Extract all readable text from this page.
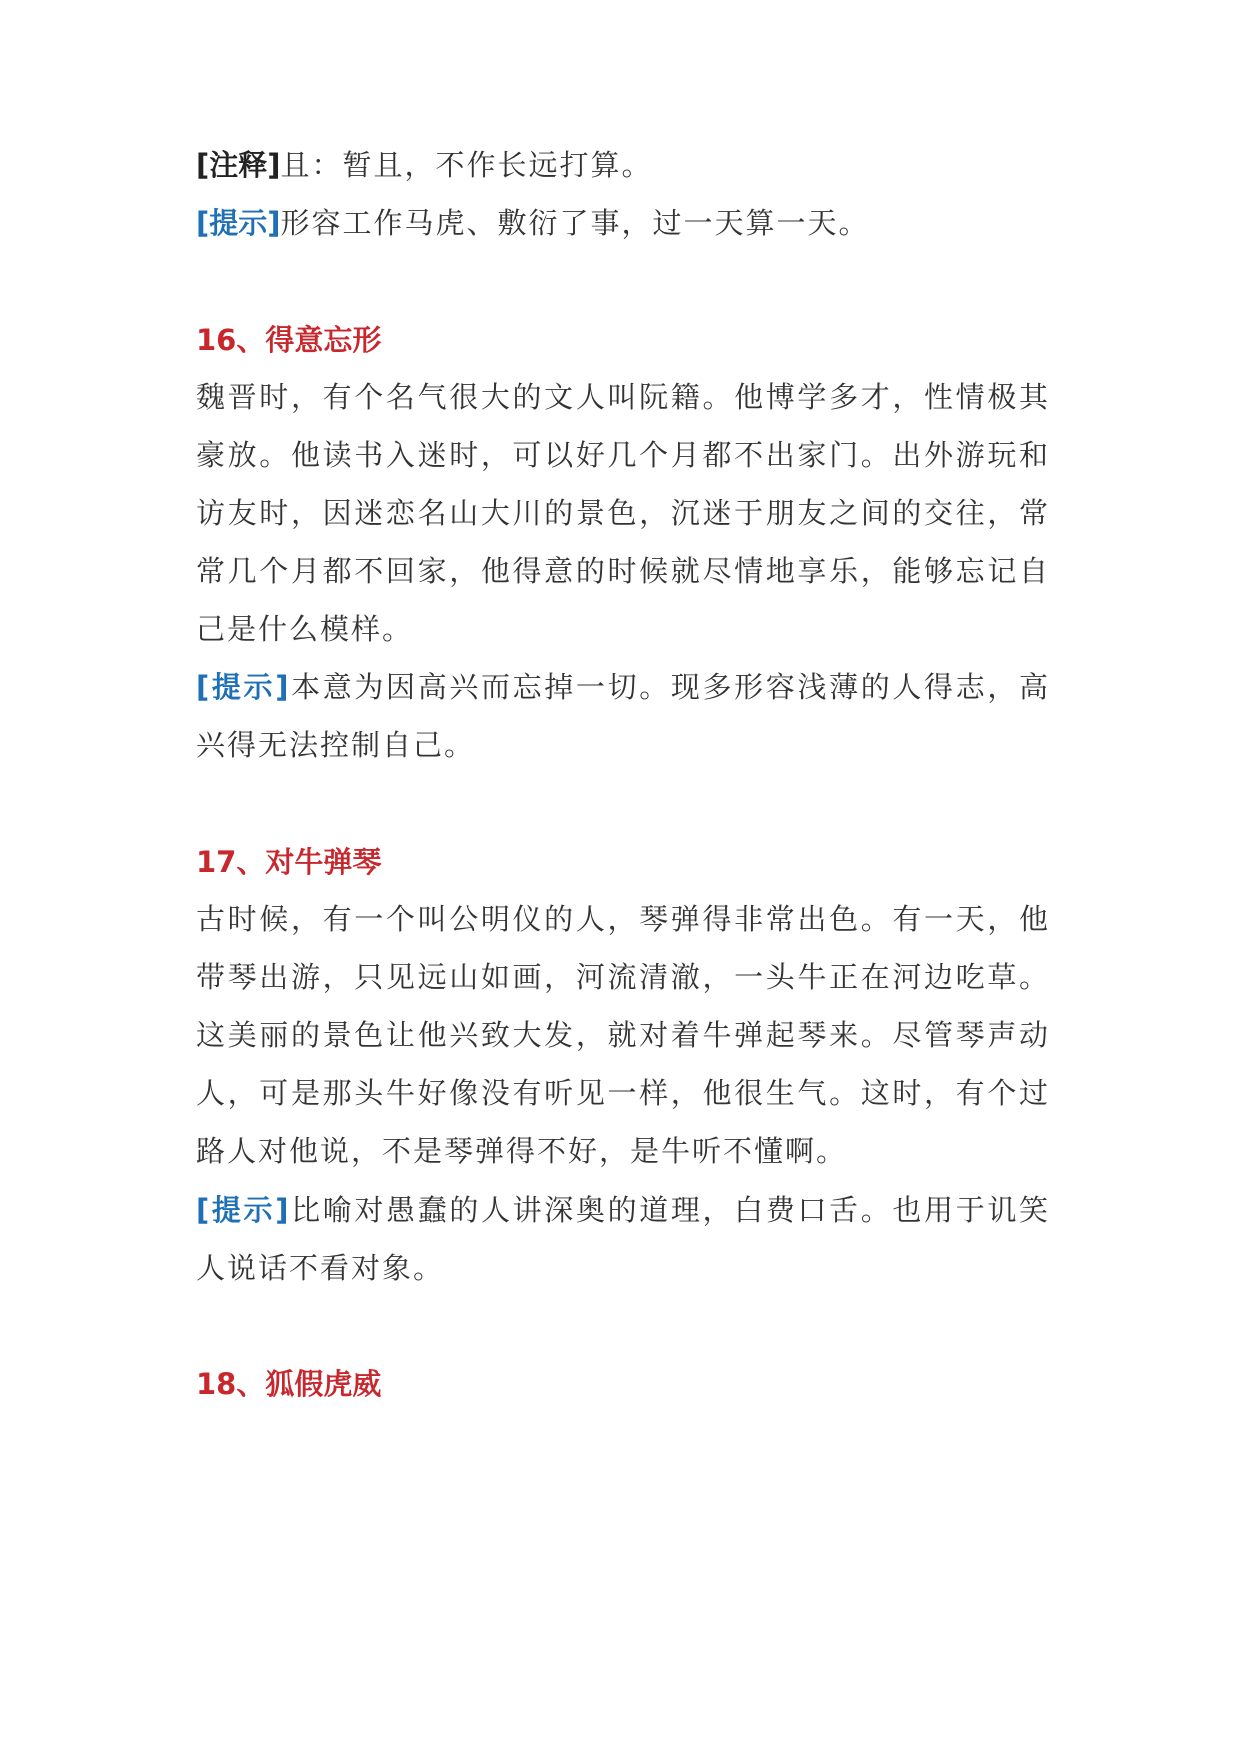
[注释]且：暂且，不作长远打算。
[提示]形容工作马虎、敷衍了事，过一天算一天。
16、得意忘形
魏晋时，有个名气很大的文人叫阮籍。他博学多才，性情极其
豪放。他读书入迷时，可以好几个月都不出家门。出外游玩和
访友时，因迷恋名山大川的景色，沉迷于朋友之间的交往，常
常几个月都不回家，他得意的时候就尽情地享乐，能够忘记自
己是什么模样。
[提示]本意为因高兴而忘掉一切。现多形容浅薄的人得志，高
兴得无法控制自己。
17、对牛弹琴
古时候，有一个叫公明仪的人，琴弹得非常出色。有一天，他
带琴出游，只见远山如画，河流清澈，一头牛正在河边吃草。
这美丽的景色让他兴致大发，就对着牛弹起琴来。尽管琴声动
人，可是那头牛好像没有听见一样，他很生气。这时，有个过
路人对他说，不是琴弹得不好，是牛听不懂啊。
[提示]比喻对愚蠢的人讲深奥的道理，白费口舌。也用于讥笑
人说话不看对象。
18、狐假虎威
